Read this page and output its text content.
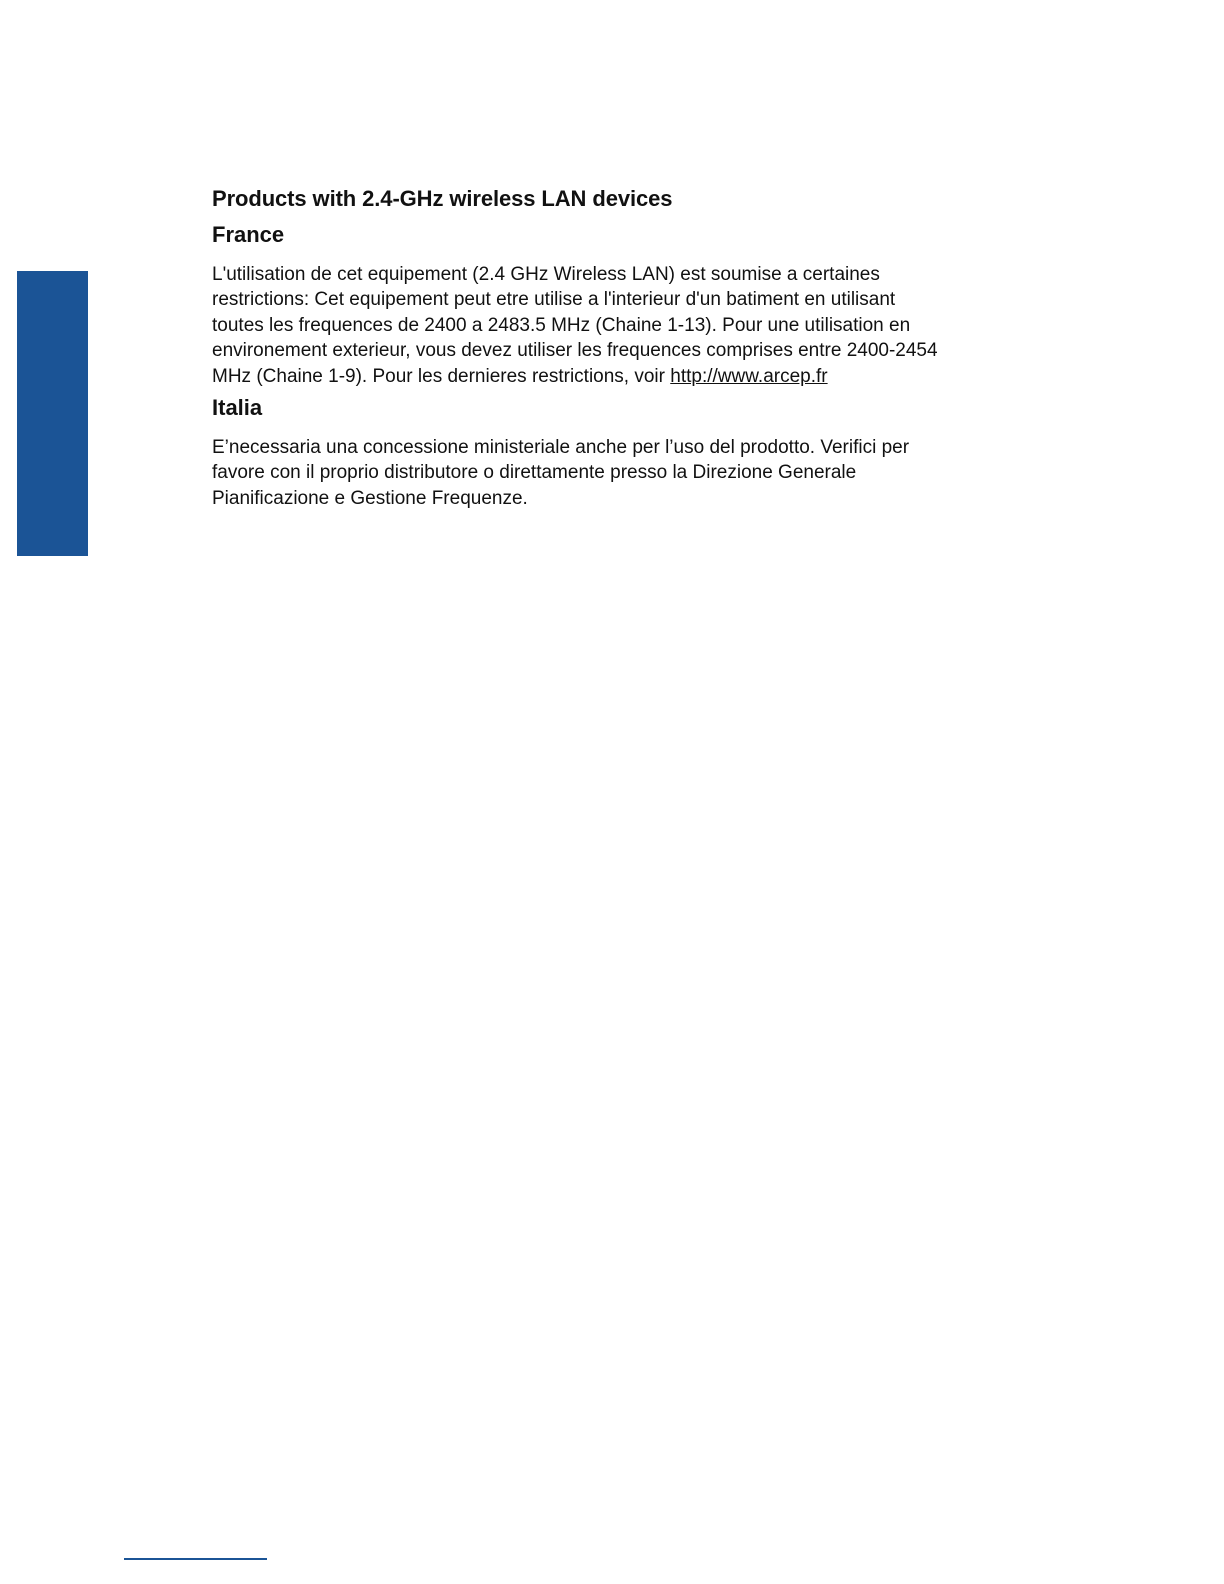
Products with 2.4-GHz wireless LAN devices
France

L'utilisation de cet equipement (2.4 GHz Wireless LAN) est soumise a certaines
restrictions: Cet equipement peut etre utilise a l'interieur d'un batiment en utilisant
toutes les frequences de 2400 a 2483.5 MHz (Chaine 1-13). Pour une utilisation en
environement exterieur, vous devez utiliser les frequences comprises entre 2400-2454
MHz (Chaine 1-9). Pour les dernieres restrictions, voir http://www.arcep.fr

Italia

E’necessaria una concessione ministeriale anche per l’uso del prodotto. Verifici per
favore con il proprio distributore o direttamente presso la Direzione Generale
Pianificazione e Gestione Frequenze.
